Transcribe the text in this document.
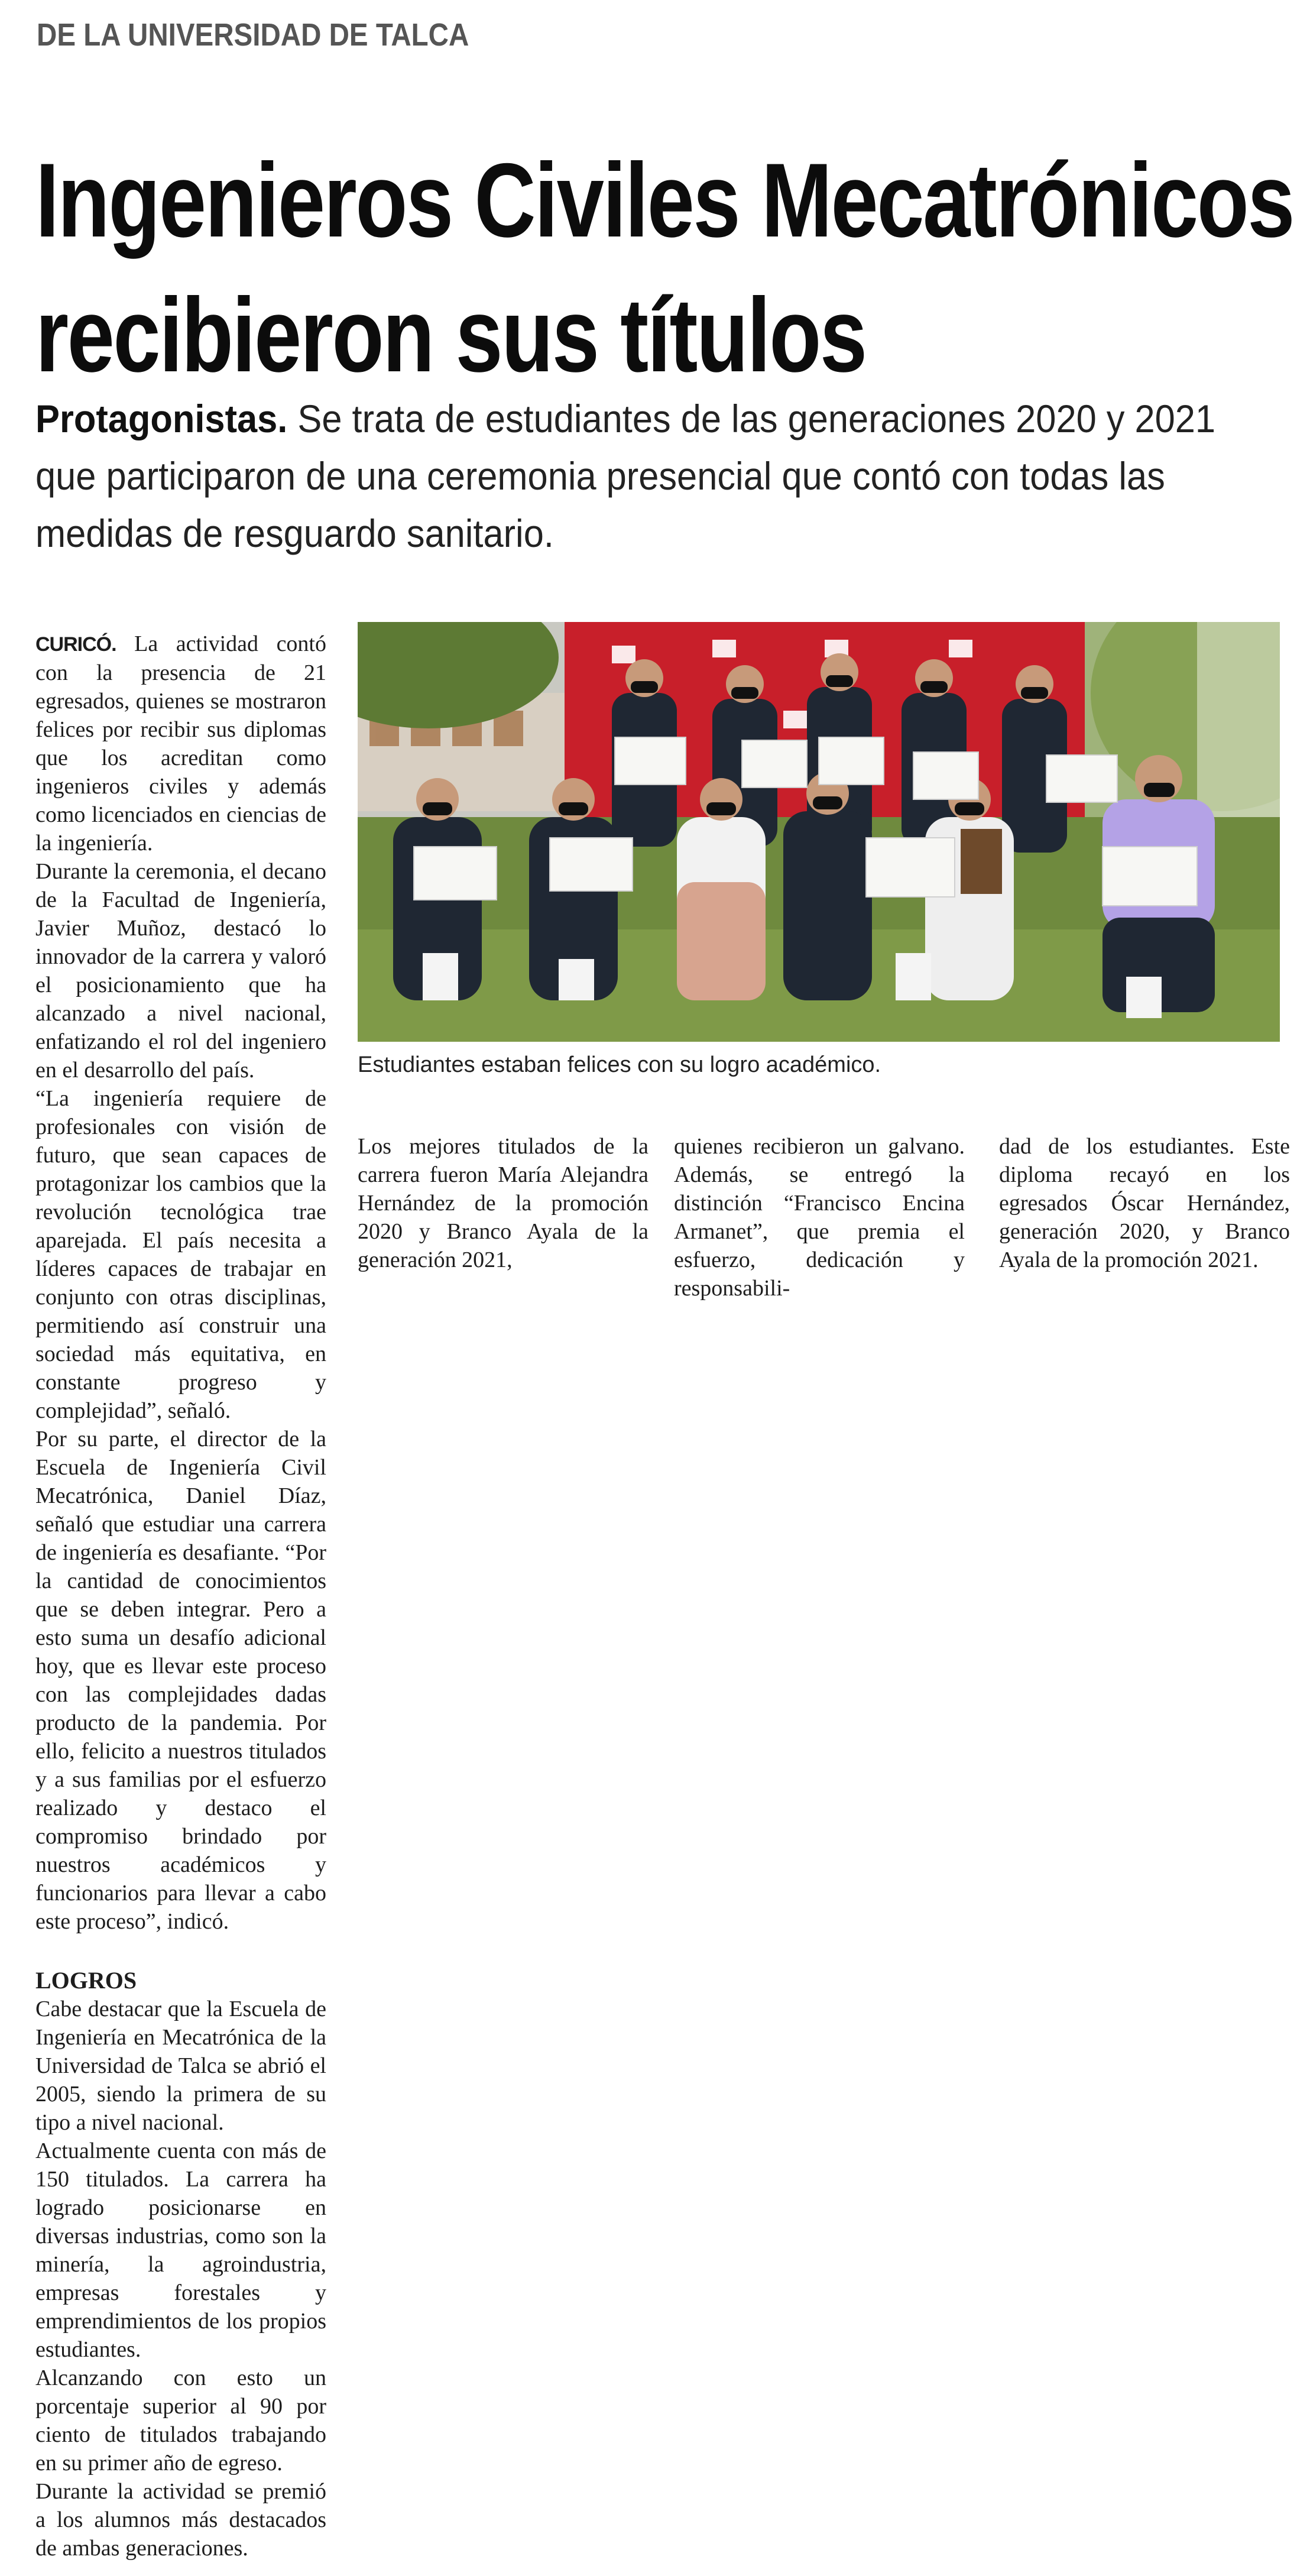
DE LA UNIVERSIDAD DE TALCA
Ingenieros Civiles Mecatrónicos
recibieron sus títulos
Protagonistas. Se trata de estudiantes de las generaciones 2020 y 2021 que participaron de una ceremonia presencial que contó con todas las medidas de resguardo sanitario.

CURICÓ. La actividad contó con la presencia de 21 egresados, quienes se mostraron felices por recibir sus diplomas que los acreditan como ingenieros civiles y además como licenciados en ciencias de la ingeniería.

Durante la ceremonia, el decano de la Facultad de Ingeniería, Javier Muñoz, destacó lo innovador de la carrera y valoró el posicionamiento que ha alcanzado a nivel nacional, enfatizando el rol del ingeniero en el desarrollo del país.

“La ingeniería requiere de profesionales con visión de futuro, que sean capaces de protagonizar los cambios que la revolución tecnológica trae aparejada. El país necesita a líderes capaces de trabajar en conjunto con otras disciplinas, permitiendo así construir una sociedad más equitativa, en constante progreso y complejidad”, señaló.

Por su parte, el director de la Escuela de Ingeniería Civil Mecatrónica, Daniel Díaz, señaló que estudiar una carrera de ingeniería es desafiante. “Por la cantidad de conocimientos que se deben integrar. Pero a esto suma un desafío adicional hoy, que es llevar este proceso con las complejidades dadas producto de la pandemia. Por ello, felicito a nuestros titulados y a sus familias por el esfuerzo realizado y destaco el compromiso brindado por nuestros académicos y funcionarios para llevar a cabo este proceso”, indicó.

LOGROS

Cabe destacar que la Escuela de Ingeniería en Mecatrónica de la Universidad de Talca se abrió el 2005, siendo la primera de su tipo a nivel nacional.

Actualmente cuenta con más de 150 titulados. La carrera ha logrado posicionarse en diversas industrias, como son la minería, la agroindustria, empresas forestales y emprendimientos de los propios estudiantes.

Alcanzando con esto un porcentaje superior al 90 por ciento de titulados trabajando en su primer año de egreso.

Durante la actividad se premió a los alumnos más destacados de ambas generaciones.

Estudiantes estaban felices con su logro académico.

Los mejores titulados de la carrera fueron María Alejandra Hernández de la promoción 2020 y Branco Ayala de la generación 2021,

quienes recibieron un galvano. Además, se entregó la distinción “Francisco Encina Armanet”, que premia el esfuerzo, dedicación y responsabili-

dad de los estudiantes. Este diploma recayó en los egresados Óscar Hernández, generación 2020, y Branco Ayala de la promoción 2021.
